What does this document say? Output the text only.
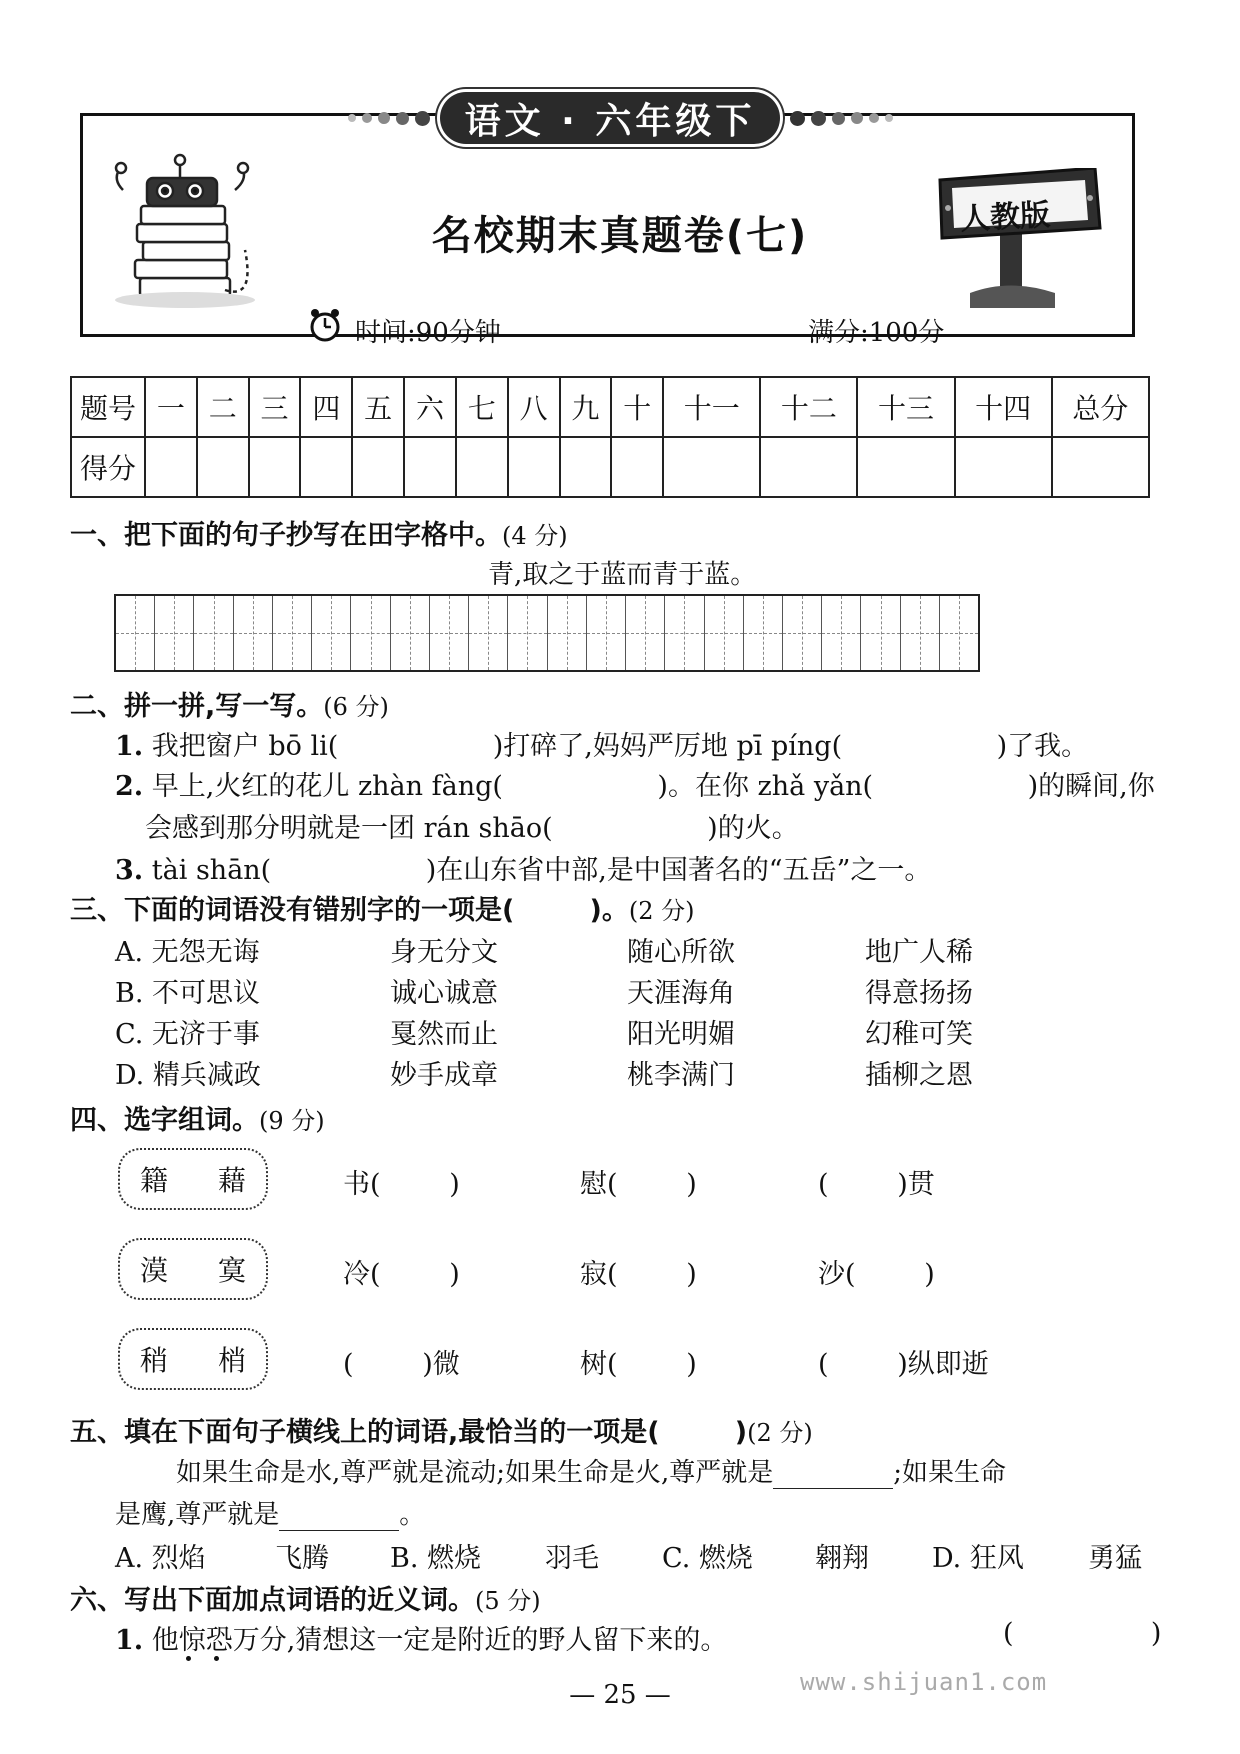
语文 · 六年级下
名校期末真题卷(七)	人教版
时间:90分钟	满分:100分
题号	一	二	三	四	五	六	七	八	九	十	十一	十二	十三	十四	总分
得分															
一、把下面的句子抄写在田字格中。(4 分)
青,取之于蓝而青于蓝。
二、拼一拼,写一写。(6 分)
1. 我把窗户 bō li(                  )打碎了,妈妈严厉地 pī píng(                  )了我。
2. 早上,火红的花儿 zhàn fàng(                  )。在你 zhǎ yǎn(                  )的瞬间,你
会感到那分明就是一团 rán shāo(                  )的火。
3. tài shān(                  )在山东省中部,是中国著名的“五岳”之一。
三、下面的词语没有错别字的一项是(        )。(2 分)
A. 无怨无诲	身无分文	随心所欲	地广人稀
B. 不可思议	诚心诚意	天涯海角	得意扬扬
C. 无济于事	戛然而止	阳光明媚	幻稚可笑
D. 精兵减政	妙手成章	桃李满门	插柳之恩
四、选字组词。(9 分)
籍 藉	书(        )	慰(        )	(        )贯
漠 寞	冷(        )	寂(        )	沙(        )
稍 梢	(        )微	树(        )	(        )纵即逝
五、填在下面句子横线上的词语,最恰当的一项是(        )(2 分)
如果生命是水,尊严就是流动;如果生命是火,尊严就是	;如果生命
是鹰,尊严就是	。
A. 烈焰	飞腾 B. 燃烧 羽毛 C. 燃烧 翱翔 D. 狂风 勇猛
六、写出下面加点词语的近义词。(5 分)
1. 他惊恐万分,猜想这一定是附近的野人留下来的。	(                )
— 25 —	www.shijuan1.com
